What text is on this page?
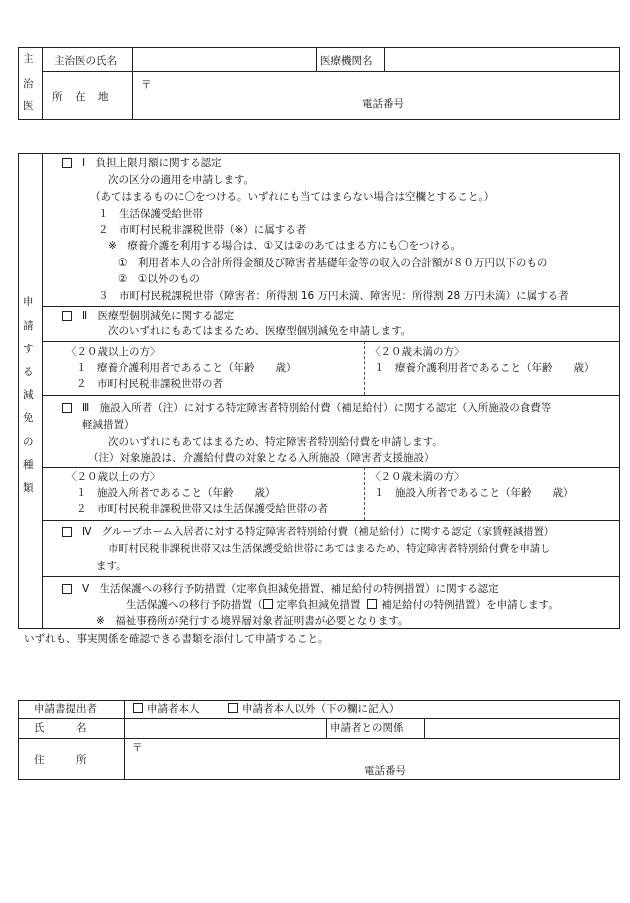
主
治
医
主治医の氏名	医療機関名
所　在　地
〒
電話番号
申
請
す
る
減
免
の
種
類
Ⅰ　負担上限月額に関する認定
次の区分の適用を申請します。
（あてはまるものに〇をつける。いずれにも当てはまらない場合は空欄とすること。）
１　生活保護受給世帯
２　市町村民税非課税世帯（※）に属する者
※　療養介護を利用する場合は、①又は②のあてはまる方にも〇をつける。
①　利用者本人の合計所得金額及び障害者基礎年金等の収入の合計額が８０万円以下のもの
②　①以外のもの
３　市町村民税課税世帯（障害者：所得割 16 万円未満、障害児：所得割 28 万円未満）に属する者
Ⅱ　医療型個別減免に関する認定
次のいずれにもあてはまるため、医療型個別減免を申請します。
〈２０歳以上の方〉
１　療養介護利用者であること（年齢　　歳）
２　市町村民税非課税世帯の者
〈２０歳未満の方〉
１　療養介護利用者であること（年齢　　歳）
Ⅲ　施設入所者（注）に対する特定障害者特別給付費（補足給付）に関する認定（入所施設の食費等
軽減措置）
次のいずれにもあてはまるため、特定障害者特別給付費を申請します。
（注）対象施設は、介護給付費の対象となる入所施設（障害者支援施設）
〈２０歳以上の方〉
１　施設入所者であること（年齢　　歳）
２　市町村民税非課税世帯又は生活保護受給世帯の者
〈２０歳未満の方〉
１　施設入所者であること（年齢　　歳）
Ⅳ　グループホーム入居者に対する特定障害者特別給付費（補足給付）に関する認定（家賃軽減措置）
市町村民税非課税世帯又は生活保護受給世帯にあてはまるため、特定障害者特別給付費を申請し
ます。
Ⅴ　生活保護への移行予防措置（定率負担減免措置、補足給付の特例措置）に関する認定
生活保護への移行予防措置（ 定率負担減免措置 補足給付の特例措置）を申請します。
※　福祉事務所が発行する境界層対象者証明書が必要となります。
いずれも、事実関係を確認できる書類を添付して申請すること。
申請書提出者	申請者本人	申請者本人以外（下の欄に記入）
氏　　　名	申請者との関係
住　　　所
〒
電話番号
